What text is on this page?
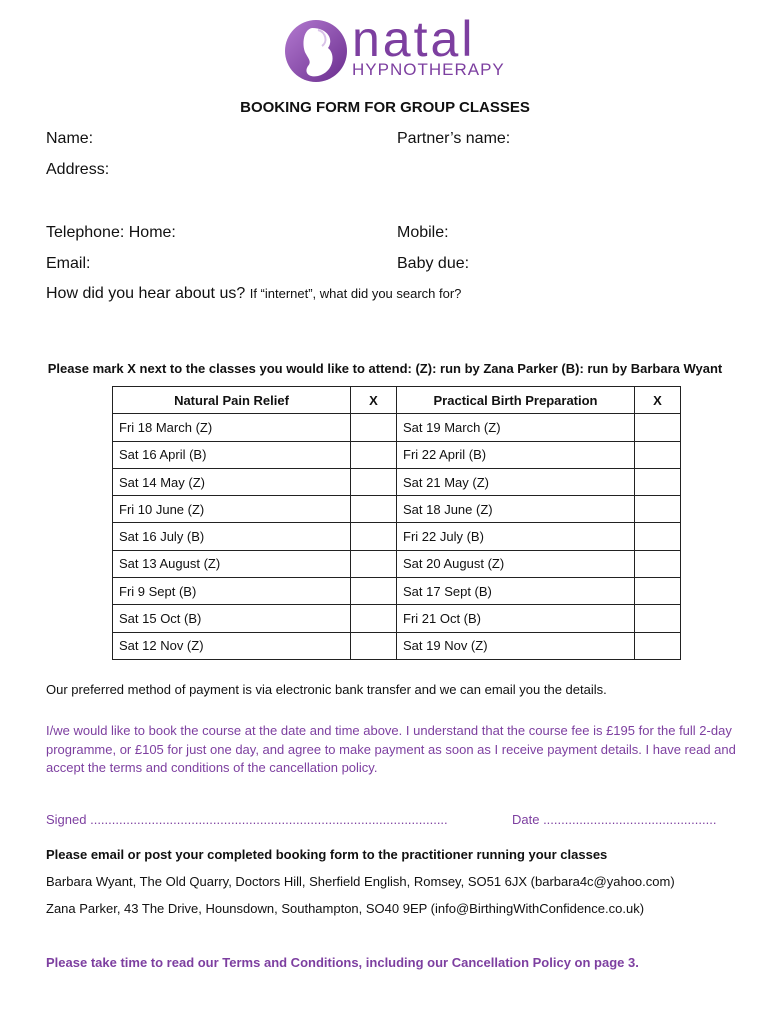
natal
HYPNOTHERAPY
BOOKING FORM FOR GROUP CLASSES
Name:	Partner’s name:
Address:
Telephone: Home:	Mobile:
Email:	Baby due:
How did you hear about us? If “internet”, what did you search for?
Please mark X next to the classes you would like to attend: (Z): run by Zana Parker (B): run by Barbara Wyant
Natural Pain Relief	X	Practical Birth Preparation	X
Fri 18 March (Z)		Sat 19 March (Z)	
Sat 16 April (B)		Fri 22 April (B)	
Sat 14 May (Z)		Sat 21 May (Z)	
Fri 10 June (Z)		Sat 18 June (Z)	
Sat 16 July (B)		Fri 22 July (B)	
Sat 13 August (Z)		Sat 20 August (Z)	
Fri 9 Sept (B)		Sat 17 Sept (B)	
Sat 15 Oct (B)		Fri 21 Oct (B)	
Sat 12 Nov (Z)		Sat 19 Nov (Z)	
Our preferred method of payment is via electronic bank transfer and we can email you the details.
I/we would like to book the course at the date and time above. I understand that the course fee is £195 for the full 2-day programme, or £105 for just one day, and agree to make payment as soon as I receive payment details. I have read and accept the terms and conditions of the cancellation policy.
Signed ...................................................................................................	Date ................................................
Please email or post your completed booking form to the practitioner running your classes
Barbara Wyant, The Old Quarry, Doctors Hill, Sherfield English, Romsey, SO51 6JX (barbara4c@yahoo.com)
Zana Parker, 43 The Drive, Hounsdown, Southampton, SO40 9EP (info@BirthingWithConfidence.co.uk)
Please take time to read our Terms and Conditions, including our Cancellation Policy on page 3.
